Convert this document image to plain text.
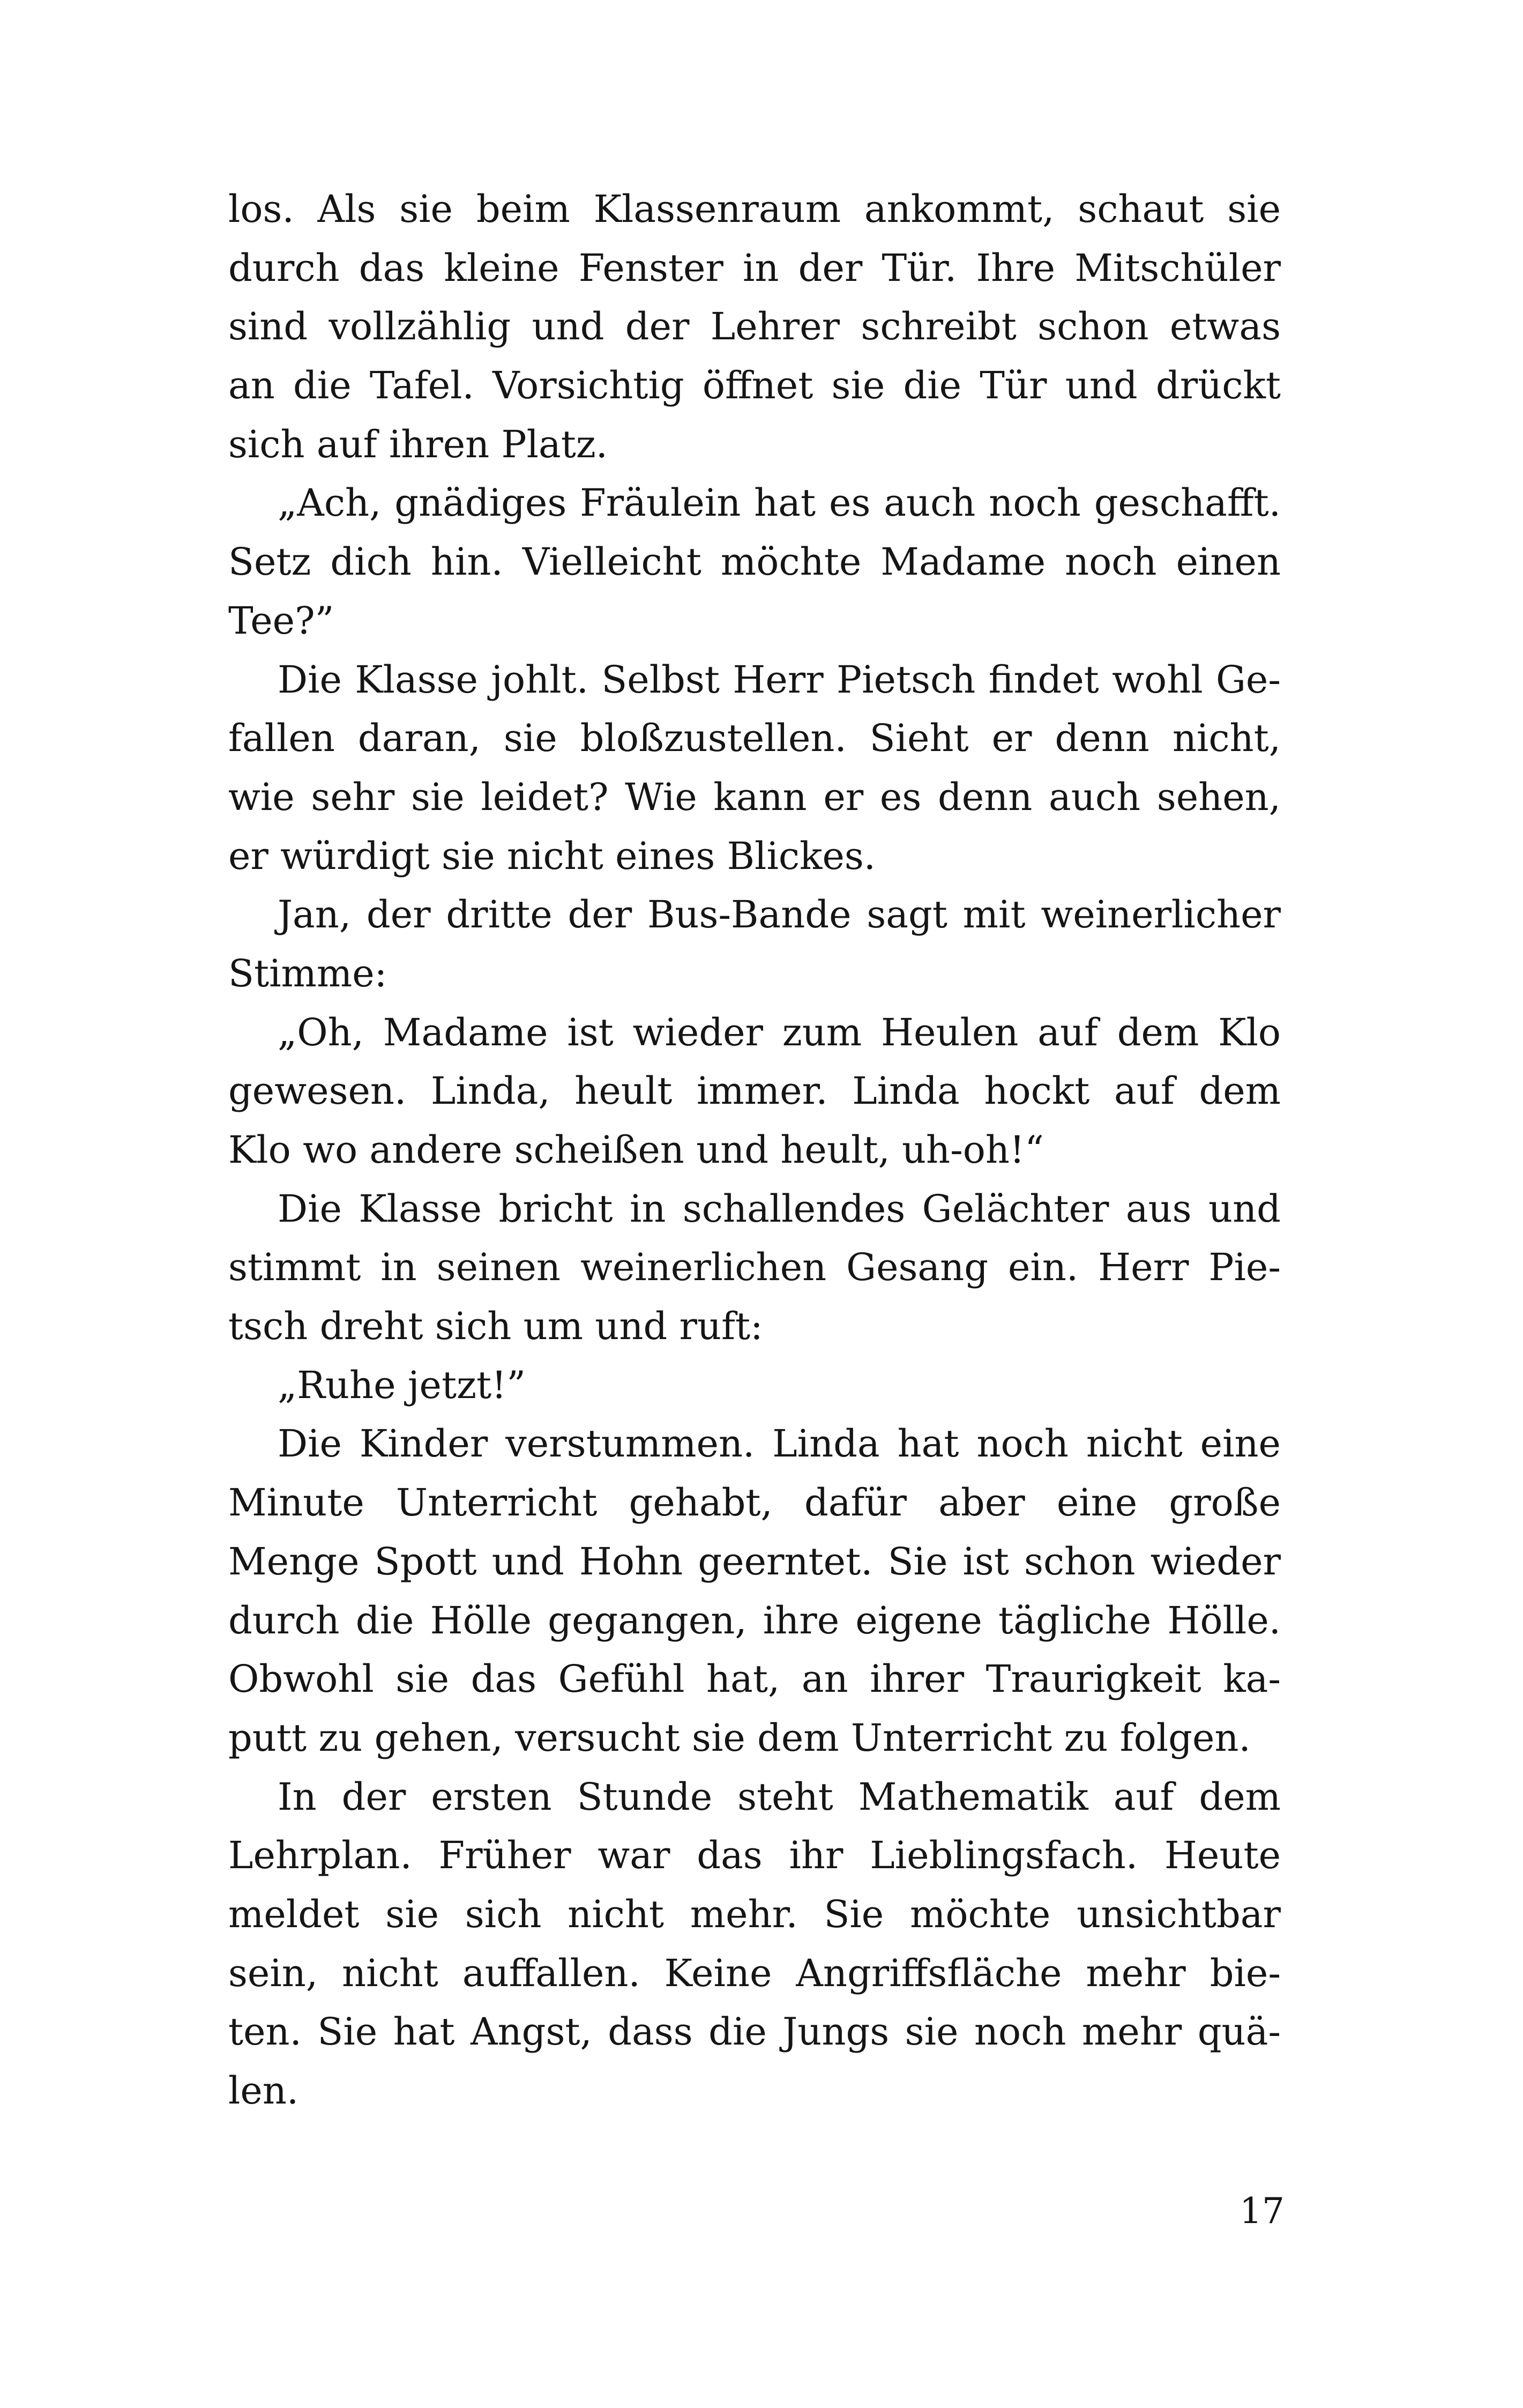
los. Als sie beim Klassenraum ankommt, schaut sie
durch das kleine Fenster in der Tür. Ihre Mitschüler
sind vollzählig und der Lehrer schreibt schon etwas
an die Tafel. Vorsichtig öffnet sie die Tür und drückt
sich auf ihren Platz.
„Ach, gnädiges Fräulein hat es auch noch geschafft.
Setz dich hin. Vielleicht möchte Madame noch einen
Tee?”
Die Klasse johlt. Selbst Herr Pietsch findet wohl Ge-
fallen daran, sie bloßzustellen. Sieht er denn nicht,
wie sehr sie leidet? Wie kann er es denn auch sehen,
er würdigt sie nicht eines Blickes.
Jan, der dritte der Bus-Bande sagt mit weinerlicher
Stimme:
„Oh, Madame ist wieder zum Heulen auf dem Klo
gewesen. Linda, heult immer. Linda hockt auf dem
Klo wo andere scheißen und heult, uh-oh!“
Die Klasse bricht in schallendes Gelächter aus und
stimmt in seinen weinerlichen Gesang ein. Herr Pie-
tsch dreht sich um und ruft:
„Ruhe jetzt!”
Die Kinder verstummen. Linda hat noch nicht eine
Minute Unterricht gehabt, dafür aber eine große
Menge Spott und Hohn geerntet. Sie ist schon wieder
durch die Hölle gegangen, ihre eigene tägliche Hölle.
Obwohl sie das Gefühl hat, an ihrer Traurigkeit ka-
putt zu gehen, versucht sie dem Unterricht zu folgen.
In der ersten Stunde steht Mathematik auf dem
Lehrplan. Früher war das ihr Lieblingsfach. Heute
meldet sie sich nicht mehr. Sie möchte unsichtbar
sein, nicht auffallen. Keine Angriffsfläche mehr bie-
ten. Sie hat Angst, dass die Jungs sie noch mehr quä-
len.
17
